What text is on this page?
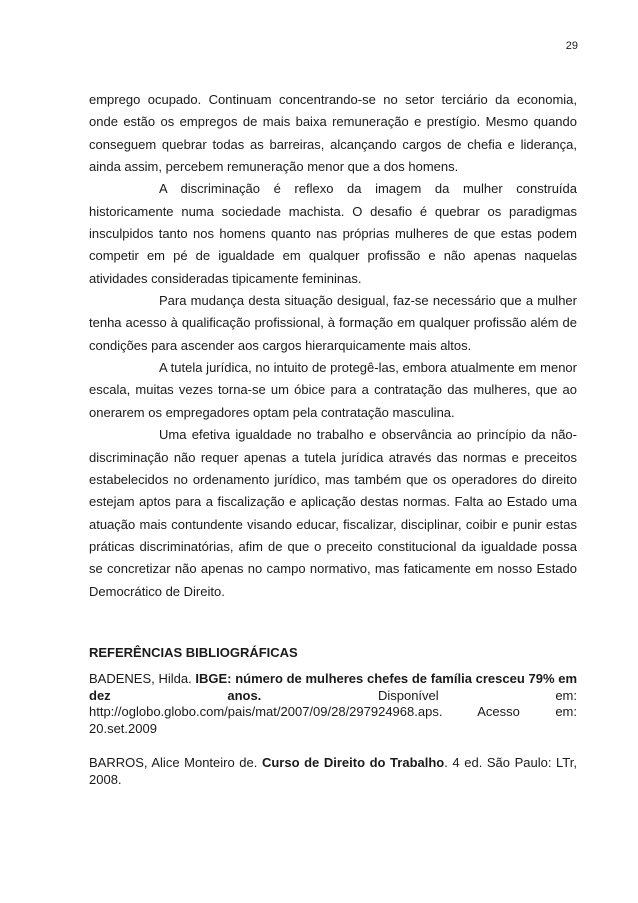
29

emprego ocupado. Continuam concentrando-se no setor terciário da economia, onde estão os empregos de mais baixa remuneração e prestígio. Mesmo quando conseguem quebrar todas as barreiras, alcançando cargos de chefia e liderança, ainda assim, percebem remuneração menor que a dos homens.

A discriminação é reflexo da imagem da mulher construída historicamente numa sociedade machista. O desafio é quebrar os paradigmas insculpidos tanto nos homens quanto nas próprias mulheres de que estas podem competir em pé de igualdade em qualquer profissão e não apenas naquelas atividades consideradas tipicamente femininas.

Para mudança desta situação desigual, faz-se necessário que a mulher tenha acesso à qualificação profissional, à formação em qualquer profissão além de condições para ascender aos cargos hierarquicamente mais altos.

A tutela jurídica, no intuito de protegê-las, embora atualmente em menor escala, muitas vezes torna-se um óbice para a contratação das mulheres, que ao onerarem os empregadores optam pela contratação masculina.

Uma efetiva igualdade no trabalho e observância ao princípio da não-discriminação não requer apenas a tutela jurídica através das normas e preceitos estabelecidos no ordenamento jurídico, mas também que os operadores do direito estejam aptos para a fiscalização e aplicação destas normas. Falta ao Estado uma atuação mais contundente visando educar, fiscalizar, disciplinar, coibir e punir estas práticas discriminatórias, afim de que o preceito constitucional da igualdade possa se concretizar não apenas no campo normativo, mas faticamente em nosso Estado Democrático de Direito.

REFERÊNCIAS BIBLIOGRÁFICAS

BADENES, Hilda. IBGE: número de mulheres chefes de família cresceu 79% em dez anos. Disponível em: http://oglobo.globo.com/pais/mat/2007/09/28/297924968.aps. Acesso em: 20.set.2009

BARROS, Alice Monteiro de. Curso de Direito do Trabalho. 4 ed. São Paulo: LTr, 2008.
